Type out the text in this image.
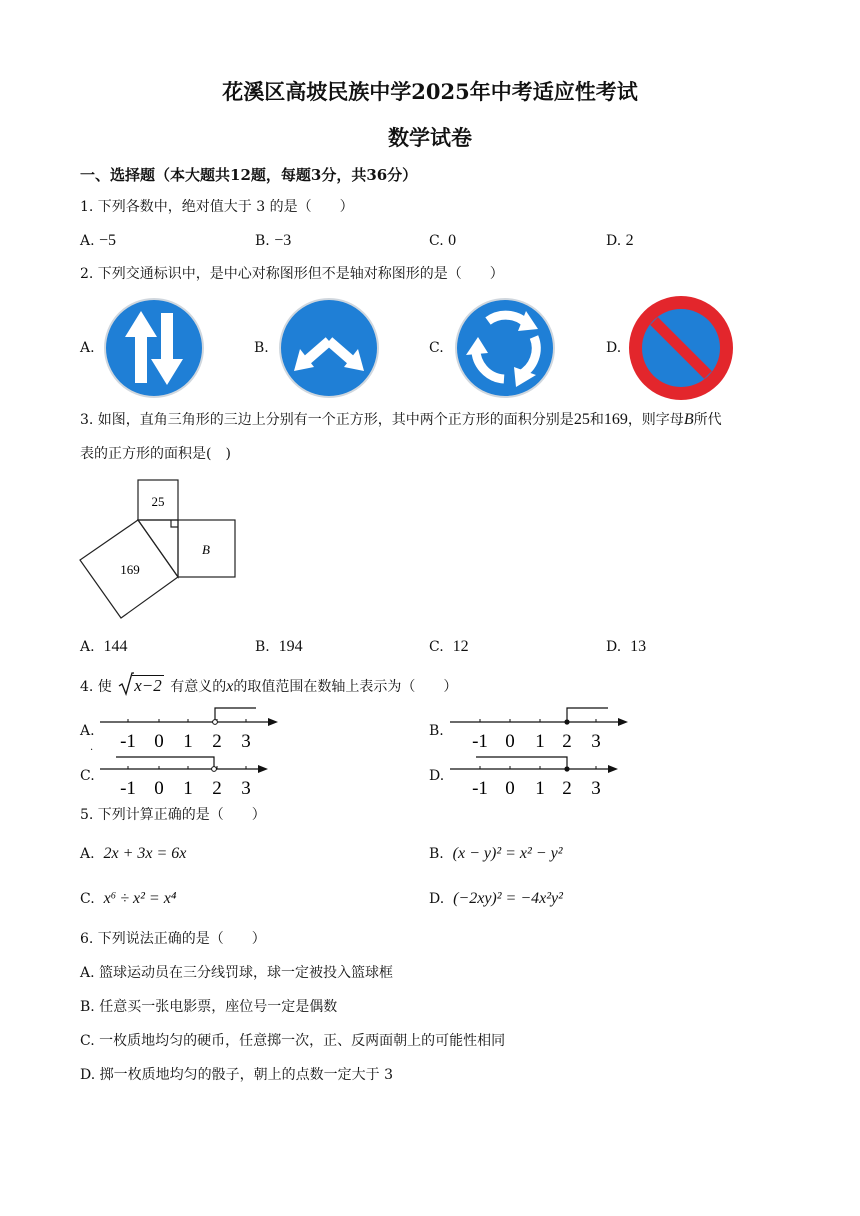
花溪区高坡民族中学2025年中考适应性考试
数学试卷
一、选择题（本大题共12题，每题3分，共36分）
1. 下列各数中，绝对值大于 3 的是（　　）
A. −5	B. −3	C. 0	D. 2
2. 下列交通标识中，是中心对称图形但不是轴对称图形的是（　　）
A.	B.	C.	D.
3. 如图，直角三角形的三边上分别有一个正方形，其中两个正方形的面积分别是25和169，则字母B所代
表的正方形的面积是(　)
25
169
B
A. 144	B. 194	C. 12	D. 13
4. 使 x−2 有意义的x的取值范围在数轴上表示为（　　）
A. -1 0 1 2 3
.
B. -1 0 1 2 3
C.
-1 0 1 2 3
D.
-1 0 1 2 3
5. 下列计算正确的是（　　）
A. 2x + 3x = 6x	B. (x − y)² = x² − y²
C. x⁶ ÷ x² = x⁴	D. (−2xy)² = −4x²y²
6. 下列说法正确的是（　　）
A. 篮球运动员在三分线罚球，球一定被投入篮球框
B. 任意买一张电影票，座位号一定是偶数
C. 一枚质地均匀的硬币，任意掷一次，正、反两面朝上的可能性相同
D. 掷一枚质地均匀的骰子，朝上的点数一定大于 3
